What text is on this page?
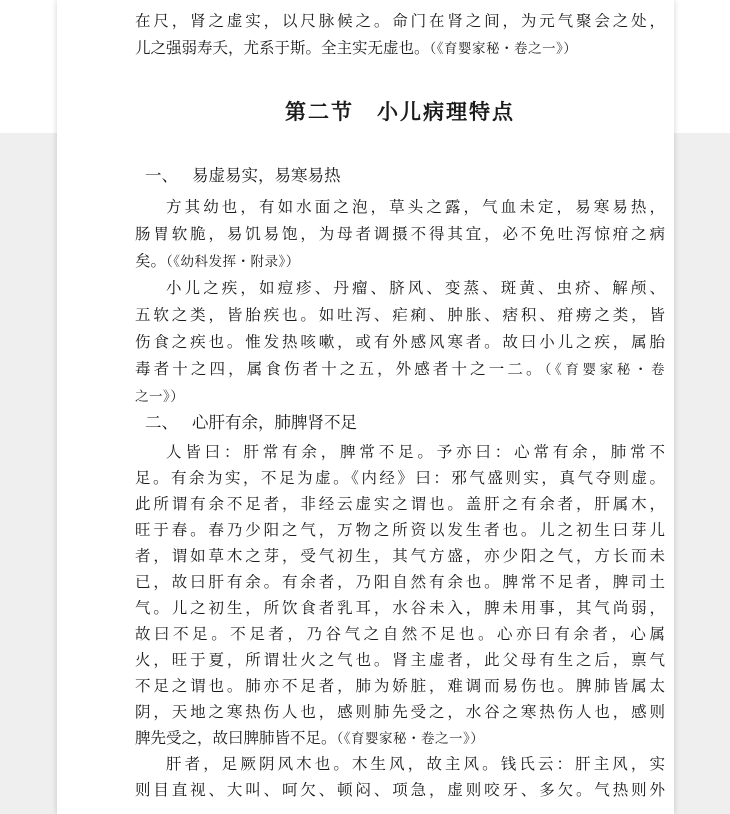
在尺，肾之虚实，以尺脉候之。命门在肾之间，为元气聚会之处，
儿之强弱寿夭，尤系于斯。全主实无虚也。（《育婴家秘・卷之一》）
第二节　小儿病理特点
一、 易虚易实，易寒易热
方其幼也，有如水面之泡，草头之露，气血未定，易寒易热，
肠胃软脆，易饥易饱，为母者调摄不得其宜，必不免吐泻惊疳之病
矣。（《幼科发挥・附录》）
小儿之疾，如痘疹、丹瘤、脐风、变蒸、斑黄、虫疥、解颅、
五软之类，皆胎疾也。如吐泻、疟痢、肿胀、痞积、疳痨之类，皆
伤食之疾也。惟发热咳嗽，或有外感风寒者。故曰小儿之疾，属胎
毒者十之四，属食伤者十之五，外感者十之一二。（《育婴家秘・卷
之一》）
二、 心肝有余，肺脾肾不足
人皆曰：肝常有余，脾常不足。予亦曰：心常有余，肺常不
足。有余为实，不足为虚。《内经》曰：邪气盛则实，真气夺则虚。
此所谓有余不足者，非经云虚实之谓也。盖肝之有余者，肝属木，
旺于春。春乃少阳之气，万物之所资以发生者也。儿之初生曰芽儿
者，谓如草木之芽，受气初生，其气方盛，亦少阳之气，方长而未
已，故曰肝有余。有余者，乃阳自然有余也。脾常不足者，脾司土
气。儿之初生，所饮食者乳耳，水谷未入，脾未用事，其气尚弱，
故曰不足。不足者，乃谷气之自然不足也。心亦曰有余者，心属
火，旺于夏，所谓壮火之气也。肾主虚者，此父母有生之后，禀气
不足之谓也。肺亦不足者，肺为娇脏，难调而易伤也。脾肺皆属太
阴，天地之寒热伤人也，感则肺先受之，水谷之寒热伤人也，感则
脾先受之，故曰脾肺皆不足。（《育婴家秘・卷之一》）
肝者，足厥阴风木也。木生风，故主风。钱氏云：肝主风，实
则目直视、大叫、呵欠、顿闷、项急，虚则咬牙、多欠。气热则外
